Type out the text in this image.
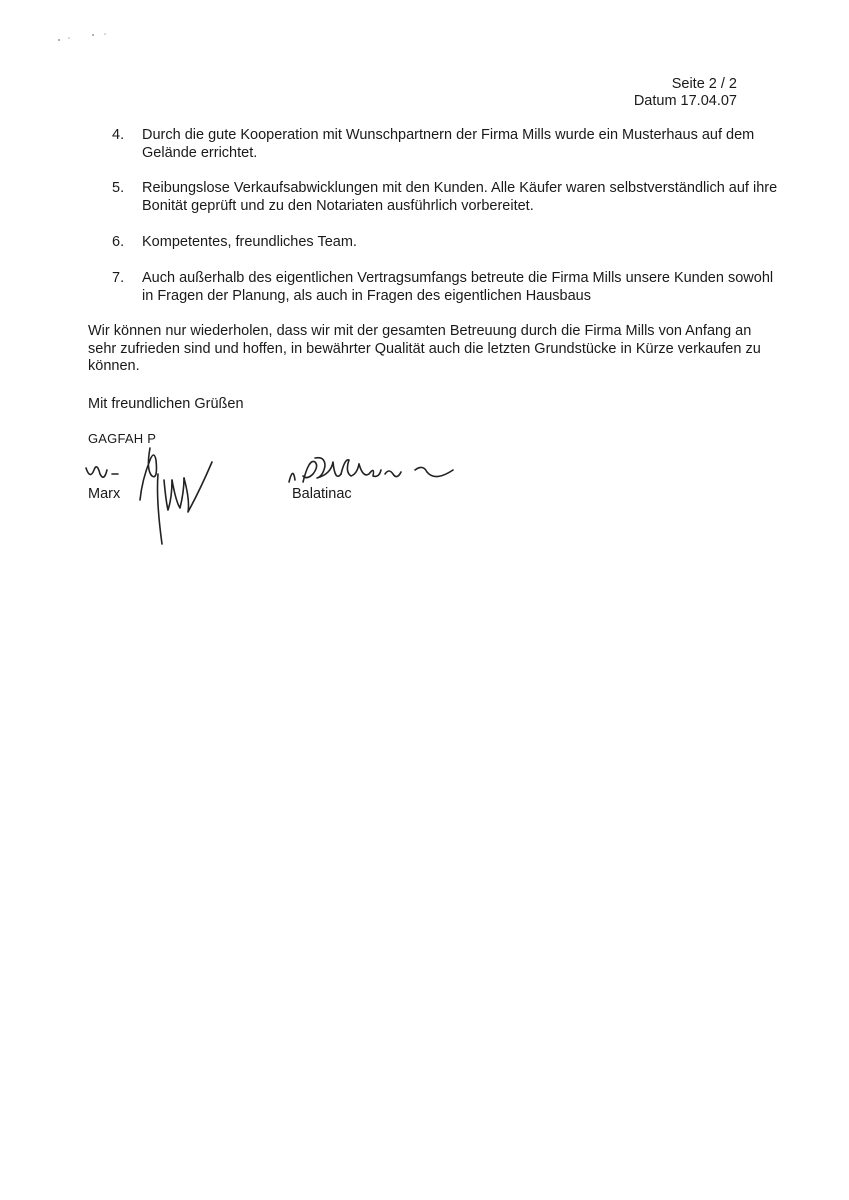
Seite 2 / 2
Datum 17.04.07
4.	Durch die gute Kooperation mit Wunschpartnern der Firma Mills wurde ein Musterhaus auf dem Gelände errichtet.
5.	Reibungslose Verkaufsabwicklungen mit den Kunden. Alle Käufer waren selbstverständlich auf ihre Bonität geprüft und zu den Notariaten ausführlich vorbereitet.
6.	Kompetentes, freundliches Team.
7.	Auch außerhalb des eigentlichen Vertragsumfangs betreute die Firma Mills unsere Kunden sowohl in Fragen der Planung, als auch in Fragen des eigentlichen Hausbaus

Wir können nur wiederholen, dass wir mit der gesamten Betreuung durch die Firma Mills von Anfang an sehr zufrieden sind und hoffen, in bewährter Qualität auch die letzten Grundstücke in Kürze verkaufen zu können.

Mit freundlichen Grüßen
GAGFAH P
Marx	Balatinac
